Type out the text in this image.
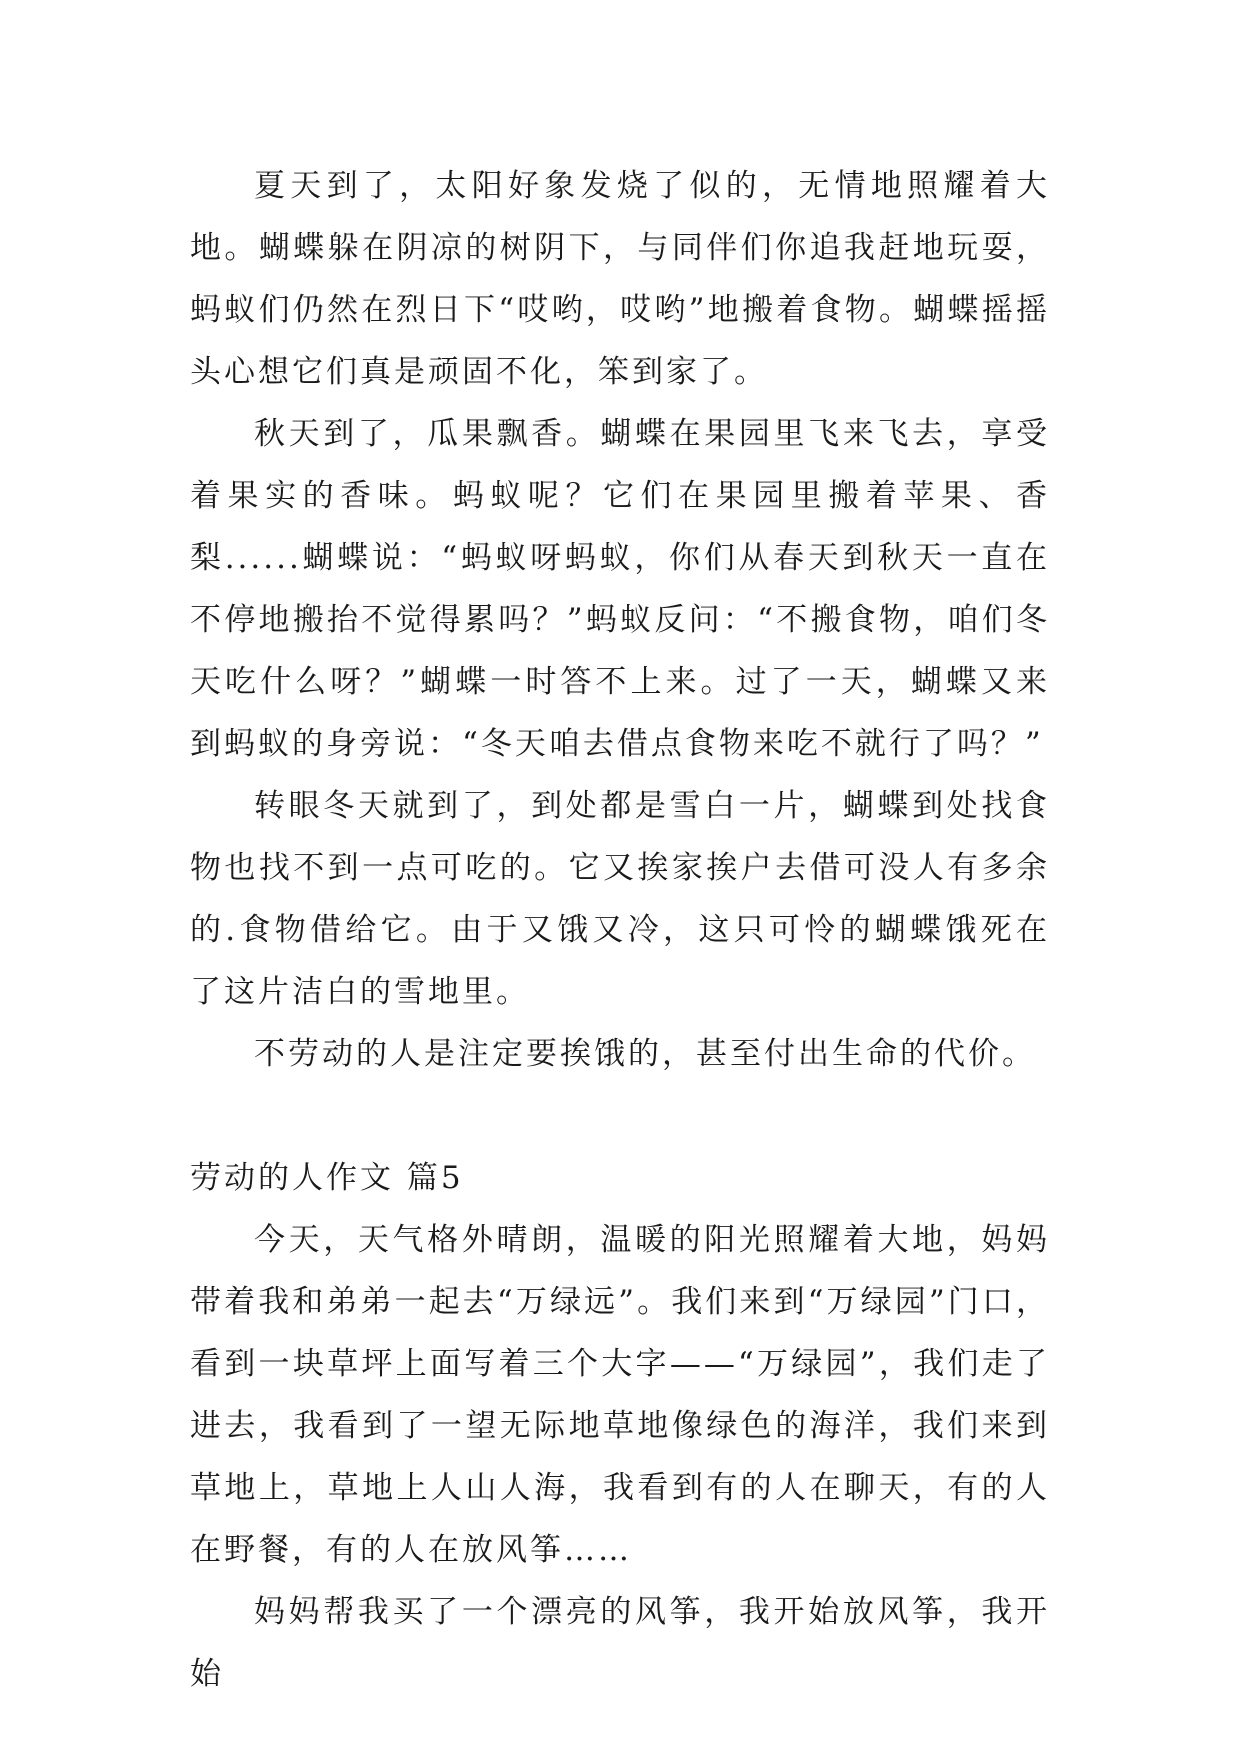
夏天到了，太阳好象发烧了似的，无情地照耀着大地。蝴蝶躲在阴凉的树阴下，与同伴们你追我赶地玩耍，蚂蚁们仍然在烈日下“哎哟，哎哟”地搬着食物。蝴蝶摇摇头心想它们真是顽固不化，笨到家了。

秋天到了，瓜果飘香。蝴蝶在果园里飞来飞去，享受着果实的香味。蚂蚁呢？它们在果园里搬着苹果、香梨......蝴蝶说：“蚂蚁呀蚂蚁，你们从春天到秋天一直在不停地搬抬不觉得累吗？”蚂蚁反问：“不搬食物，咱们冬天吃什么呀？”蝴蝶一时答不上来。过了一天，蝴蝶又来到蚂蚁的身旁说：“冬天咱去借点食物来吃不就行了吗？”

转眼冬天就到了，到处都是雪白一片，蝴蝶到处找食物也找不到一点可吃的。它又挨家挨户去借可没人有多余的.食物借给它。由于又饿又冷，这只可怜的蝴蝶饿死在了这片洁白的雪地里。

不劳动的人是注定要挨饿的，甚至付出生命的代价。

劳动的人作文 篇5

今天，天气格外晴朗，温暖的阳光照耀着大地，妈妈带着我和弟弟一起去“万绿远”。我们来到“万绿园”门口，看到一块草坪上面写着三个大字——“万绿园”，我们走了进去，我看到了一望无际地草地像绿色的海洋，我们来到草地上，草地上人山人海，我看到有的人在聊天，有的人在野餐，有的人在放风筝……

妈妈帮我买了一个漂亮的风筝，我开始放风筝，我开始
